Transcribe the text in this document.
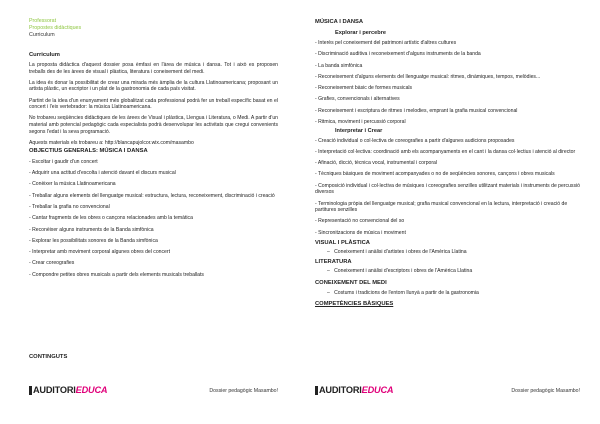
Professorat
Propostes didàctiques
Curriculum
Curriculum

La proposta didàctica d'aquest dossier posa èmfasi en l'àrea de música i dansa. Tot i això es proposen treballs des de les àrees de visual i plàstica, literatura i coneixement del medi.

La idea és donar la possibilitat de crear una mirada més àmplia de la cultura Llatinoamericana; proposant un artista plàstic, un escriptor i un plat de la gastronomia de cada país visitat.

Partint de la idea d'un enunyament més globalitzat cada professional podrà fer un treball específic basat en el concert i l'eix vertebrador: la música Llatinoamericana.

No trobareu seqüències didàctiques de les àrees de Visual i plàstica, Llengua i Literatura, o Medi. A partir d'un material amb potencial pedagògic cada especialista podrà desenvolupar les activitats que cregui convenients segons l'edat i la seva programació.

Aquests materials els trobareu a: http://blancapujolcor.wix.com/masambo

OBJECTIUS GENERALS: MÚSICA I DANSA
- Escoltar i gaudir d'un concert
- Adquirir una actitud d'escolta i atenció davant el discurs musical
- Conèixer la música Llatinoamericana
- Treballar alguns elements del llenguatge musical: estructura, lectura, reconeixement, discriminació i creació
- Treballar la grafia no convencional
- Cantar fragments de les obres o cançons relacionades amb la temàtica
- Reconèixer alguns instruments de la Banda simfònica
- Explorar les possibilitats sonores de la Banda simfònica
- Interpretar amb moviment corporal algunes obres del concert
- Crear coreografies
- Compondre petites obres musicals a partir dels elements musicals treballats
CONTINGUTS
AUDITORI EDUCA	Dossier pedagògic Masambo!
MÚSICA I DANSA
Explorar i percebre
- Interès pel coneixement del patrimoni artístic d'altres cultures
- Discriminació auditiva i reconeixement d'alguns instruments de la banda
- La banda simfònica
- Reconeixement d'alguns elements del llenguatge musical: ritmes, dinàmiques, tempos, melòdies...
- Reconeixement bàsic de formes musicals
- Grafies, convencionals i alternatives
- Reconeixement i escriptura de ritmes i melodies, emprant la grafia musical convencional
- Ritmica, moviment i percussió corporal
Interpretar i Crear
- Creació individual o col·lectiva de coreografies a partir d'algunes audicions proposades
- Interpretació col·lectiva: coordinació amb els acompanyaments en el cant i la dansa col·lectius i atenció al director
- Afinació, dicció, tècnica vocal, instrumental i corporal
- Tècniques bàsiques de moviment acompanyades o no de seqüències sonores, cançons i obres musicals
- Composició individual i col·lectiva de músiques i coreografies senzilles utilitzant materials i instruments de percussió diversos
- Terminologia pròpia del llenguatge musical; grafia musical convencional en la lectura, interpretació i creació de partitures senzilles
- Representació no convencional del so
- Sincronitzacions de música i moviment
VISUAL I PLÀSTICA
–   Coneixement i anàlisi d'artistes i obres de l'Amèrica Llatina
LITERATURA
–   Coneixement i anàlisi d'escriptors i obres de l'Amèrica Llatina
CONEIXEMENT DEL MEDI
–   Costums i tradicions de l'entorn llunyà a partir de la gastronomia
COMPETÈNCIES BÀSIQUES
AUDITORI EDUCA	Dossier pedagògic Masambo!
